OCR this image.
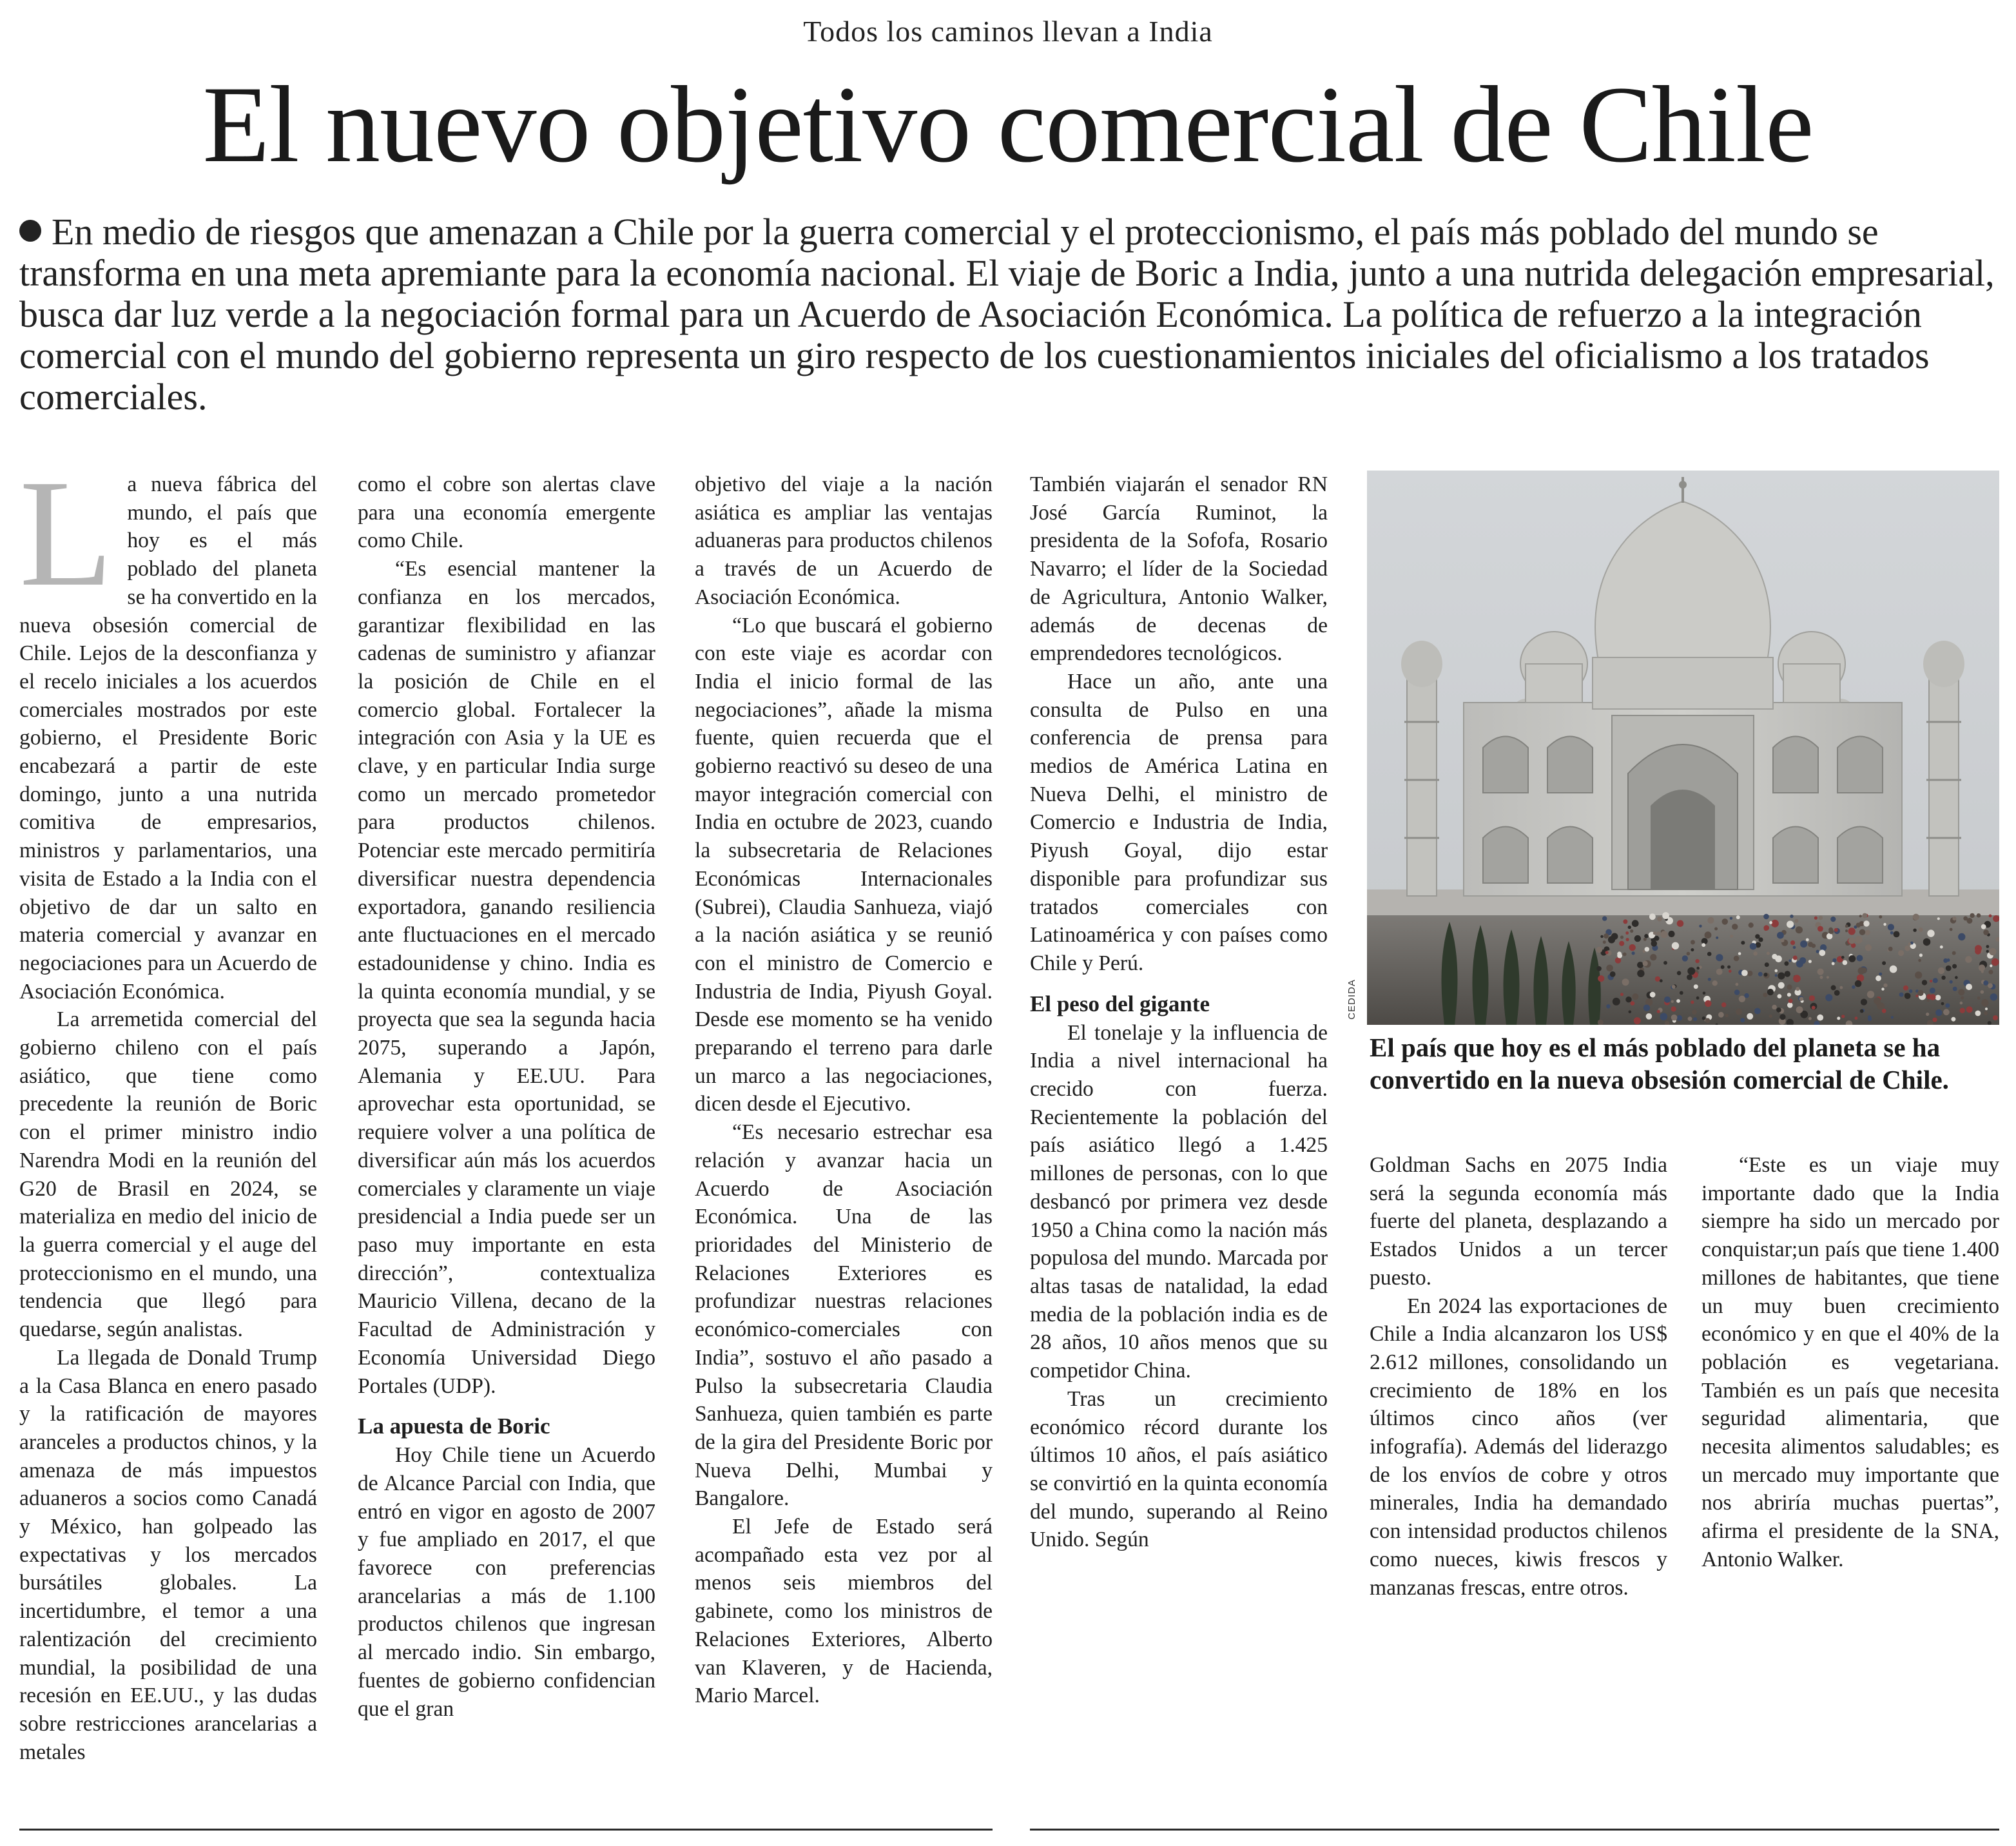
Todos los caminos llevan a India
El nuevo objetivo comercial de Chile
En medio de riesgos que amenazan a Chile por la guerra comercial y el proteccionismo, el país más poblado del mundo se transforma en una meta apremiante para la economía nacional. El viaje de Boric a India, junto a una nutrida delegación empresarial, busca dar luz verde a la negociación formal para un Acuerdo de Asociación Económica. La política de refuerzo a la integración comercial con el mundo del gobierno representa un giro respecto de los cuestionamientos iniciales del oficialismo a los tratados comerciales.

La nueva fábrica del mundo, el país que hoy es el más poblado del planeta se ha convertido en la nueva obsesión comercial de Chile. Lejos de la desconfianza y el recelo iniciales a los acuerdos comerciales mostrados por este gobierno, el Presidente Boric encabezará a partir de este domingo, junto a una nutrida comitiva de empresarios, ministros y parlamentarios, una visita de Estado a la India con el objetivo de dar un salto en materia comercial y avanzar en negociaciones para un Acuerdo de Asociación Económica.

La arremetida comercial del gobierno chileno con el país asiático, que tiene como precedente la reunión de Boric con el primer ministro indio Narendra Modi en la reunión del G20 de Brasil en 2024, se materializa en medio del inicio de la guerra comercial y el auge del proteccionismo en el mundo, una tendencia que llegó para quedarse, según analistas.

La llegada de Donald Trump a la Casa Blanca en enero pasado y la ratificación de mayores aranceles a productos chinos, y la amenaza de más impuestos aduaneros a socios como Canadá y México, han golpeado las expectativas y los mercados bursátiles globales. La incertidumbre, el temor a una ralentización del crecimiento mundial, la posibilidad de una recesión en EE.UU., y las dudas sobre restricciones arancelarias a metales

como el cobre son alertas clave para una economía emergente como Chile.

“Es esencial mantener la confianza en los mercados, garantizar flexibilidad en las cadenas de suministro y afianzar la posición de Chile en el comercio global. Fortalecer la integración con Asia y la UE es clave, y en particular India surge como un mercado prometedor para productos chilenos. Potenciar este mercado permitiría diversificar nuestra dependencia exportadora, ganando resiliencia ante fluctuaciones en el mercado estadounidense y chino. India es la quinta economía mundial, y se proyecta que sea la segunda hacia 2075, superando a Japón, Alemania y EE.UU. Para aprovechar esta oportunidad, se requiere volver a una política de diversificar aún más los acuerdos comerciales y claramente un viaje presidencial a India puede ser un paso muy importante en esta dirección”, contextualiza Mauricio Villena, decano de la Facultad de Administración y Economía Universidad Diego Portales (UDP).

La apuesta de Boric

Hoy Chile tiene un Acuerdo de Alcance Parcial con India, que entró en vigor en agosto de 2007 y fue ampliado en 2017, el que favorece con preferencias arancelarias a más de 1.100 productos chilenos que ingresan al mercado indio. Sin embargo, fuentes de gobierno confidencian que el gran

objetivo del viaje a la nación asiática es ampliar las ventajas aduaneras para productos chilenos a través de un Acuerdo de Asociación Económica.

“Lo que buscará el gobierno con este viaje es acordar con India el inicio formal de las negociaciones”, añade la misma fuente, quien recuerda que el gobierno reactivó su deseo de una mayor integración comercial con India en octubre de 2023, cuando la subsecretaria de Relaciones Económicas Internacionales (Subrei), Claudia Sanhueza, viajó a la nación asiática y se reunió con el ministro de Comercio e Industria de India, Piyush Goyal. Desde ese momento se ha venido preparando el terreno para darle un marco a las negociaciones, dicen desde el Ejecutivo.

“Es necesario estrechar esa relación y avanzar hacia un Acuerdo de Asociación Económica. Una de las prioridades del Ministerio de Relaciones Exteriores es profundizar nuestras relaciones económico-comerciales con India”, sostuvo el año pasado a Pulso la subsecretaria Claudia Sanhueza, quien también es parte de la gira del Presidente Boric por Nueva Delhi, Mumbai y Bangalore.

El Jefe de Estado será acompañado esta vez por al menos seis miembros del gabinete, como los ministros de Relaciones Exteriores, Alberto van Klaveren, y de Hacienda, Mario Marcel.

También viajarán el senador RN José García Ruminot, la presidenta de la Sofofa, Rosario Navarro; el líder de la Sociedad de Agricultura, Antonio Walker, además de decenas de emprendedores tecnológicos.

Hace un año, ante una consulta de Pulso en una conferencia de prensa para medios de América Latina en Nueva Delhi, el ministro de Comercio e Industria de India, Piyush Goyal, dijo estar disponible para profundizar sus tratados comerciales con Latinoamérica y con países como Chile y Perú.

El peso del gigante

El tonelaje y la influencia de India a nivel internacional ha crecido con fuerza. Recientemente la población del país asiático llegó a 1.425 millones de personas, con lo que desbancó por primera vez desde 1950 a China como la nación más populosa del mundo. Marcada por altas tasas de natalidad, la edad media de la población india es de 28 años, 10 años menos que su competidor China.

Tras un crecimiento económico récord durante los últimos 10 años, el país asiático se convirtió en la quinta economía del mundo, superando al Reino Unido. Según

CEDIDA
El país que hoy es el más poblado del planeta se ha convertido en la nueva obsesión comercial de Chile.

Goldman Sachs en 2075 India será la segunda economía más fuerte del planeta, desplazando a Estados Unidos a un tercer puesto.

En 2024 las exportaciones de Chile a India alcanzaron los US$ 2.612 millones, consolidando un crecimiento de 18% en los últimos cinco años (ver infografía). Además del liderazgo de los envíos de cobre y otros minerales, India ha demandado con intensidad productos chilenos como nueces, kiwis frescos y manzanas frescas, entre otros.

“Este es un viaje muy importante dado que la India siempre ha sido un mercado por conquistar;un país que tiene 1.400 millones de habitantes, que tiene un muy buen crecimiento económico y en que el 40% de la población es vegetariana. También es un país que necesita seguridad alimentaria, que necesita alimentos saludables; es un mercado muy importante que nos abriría muchas puertas”, afirma el presidente de la SNA, Antonio Walker.
